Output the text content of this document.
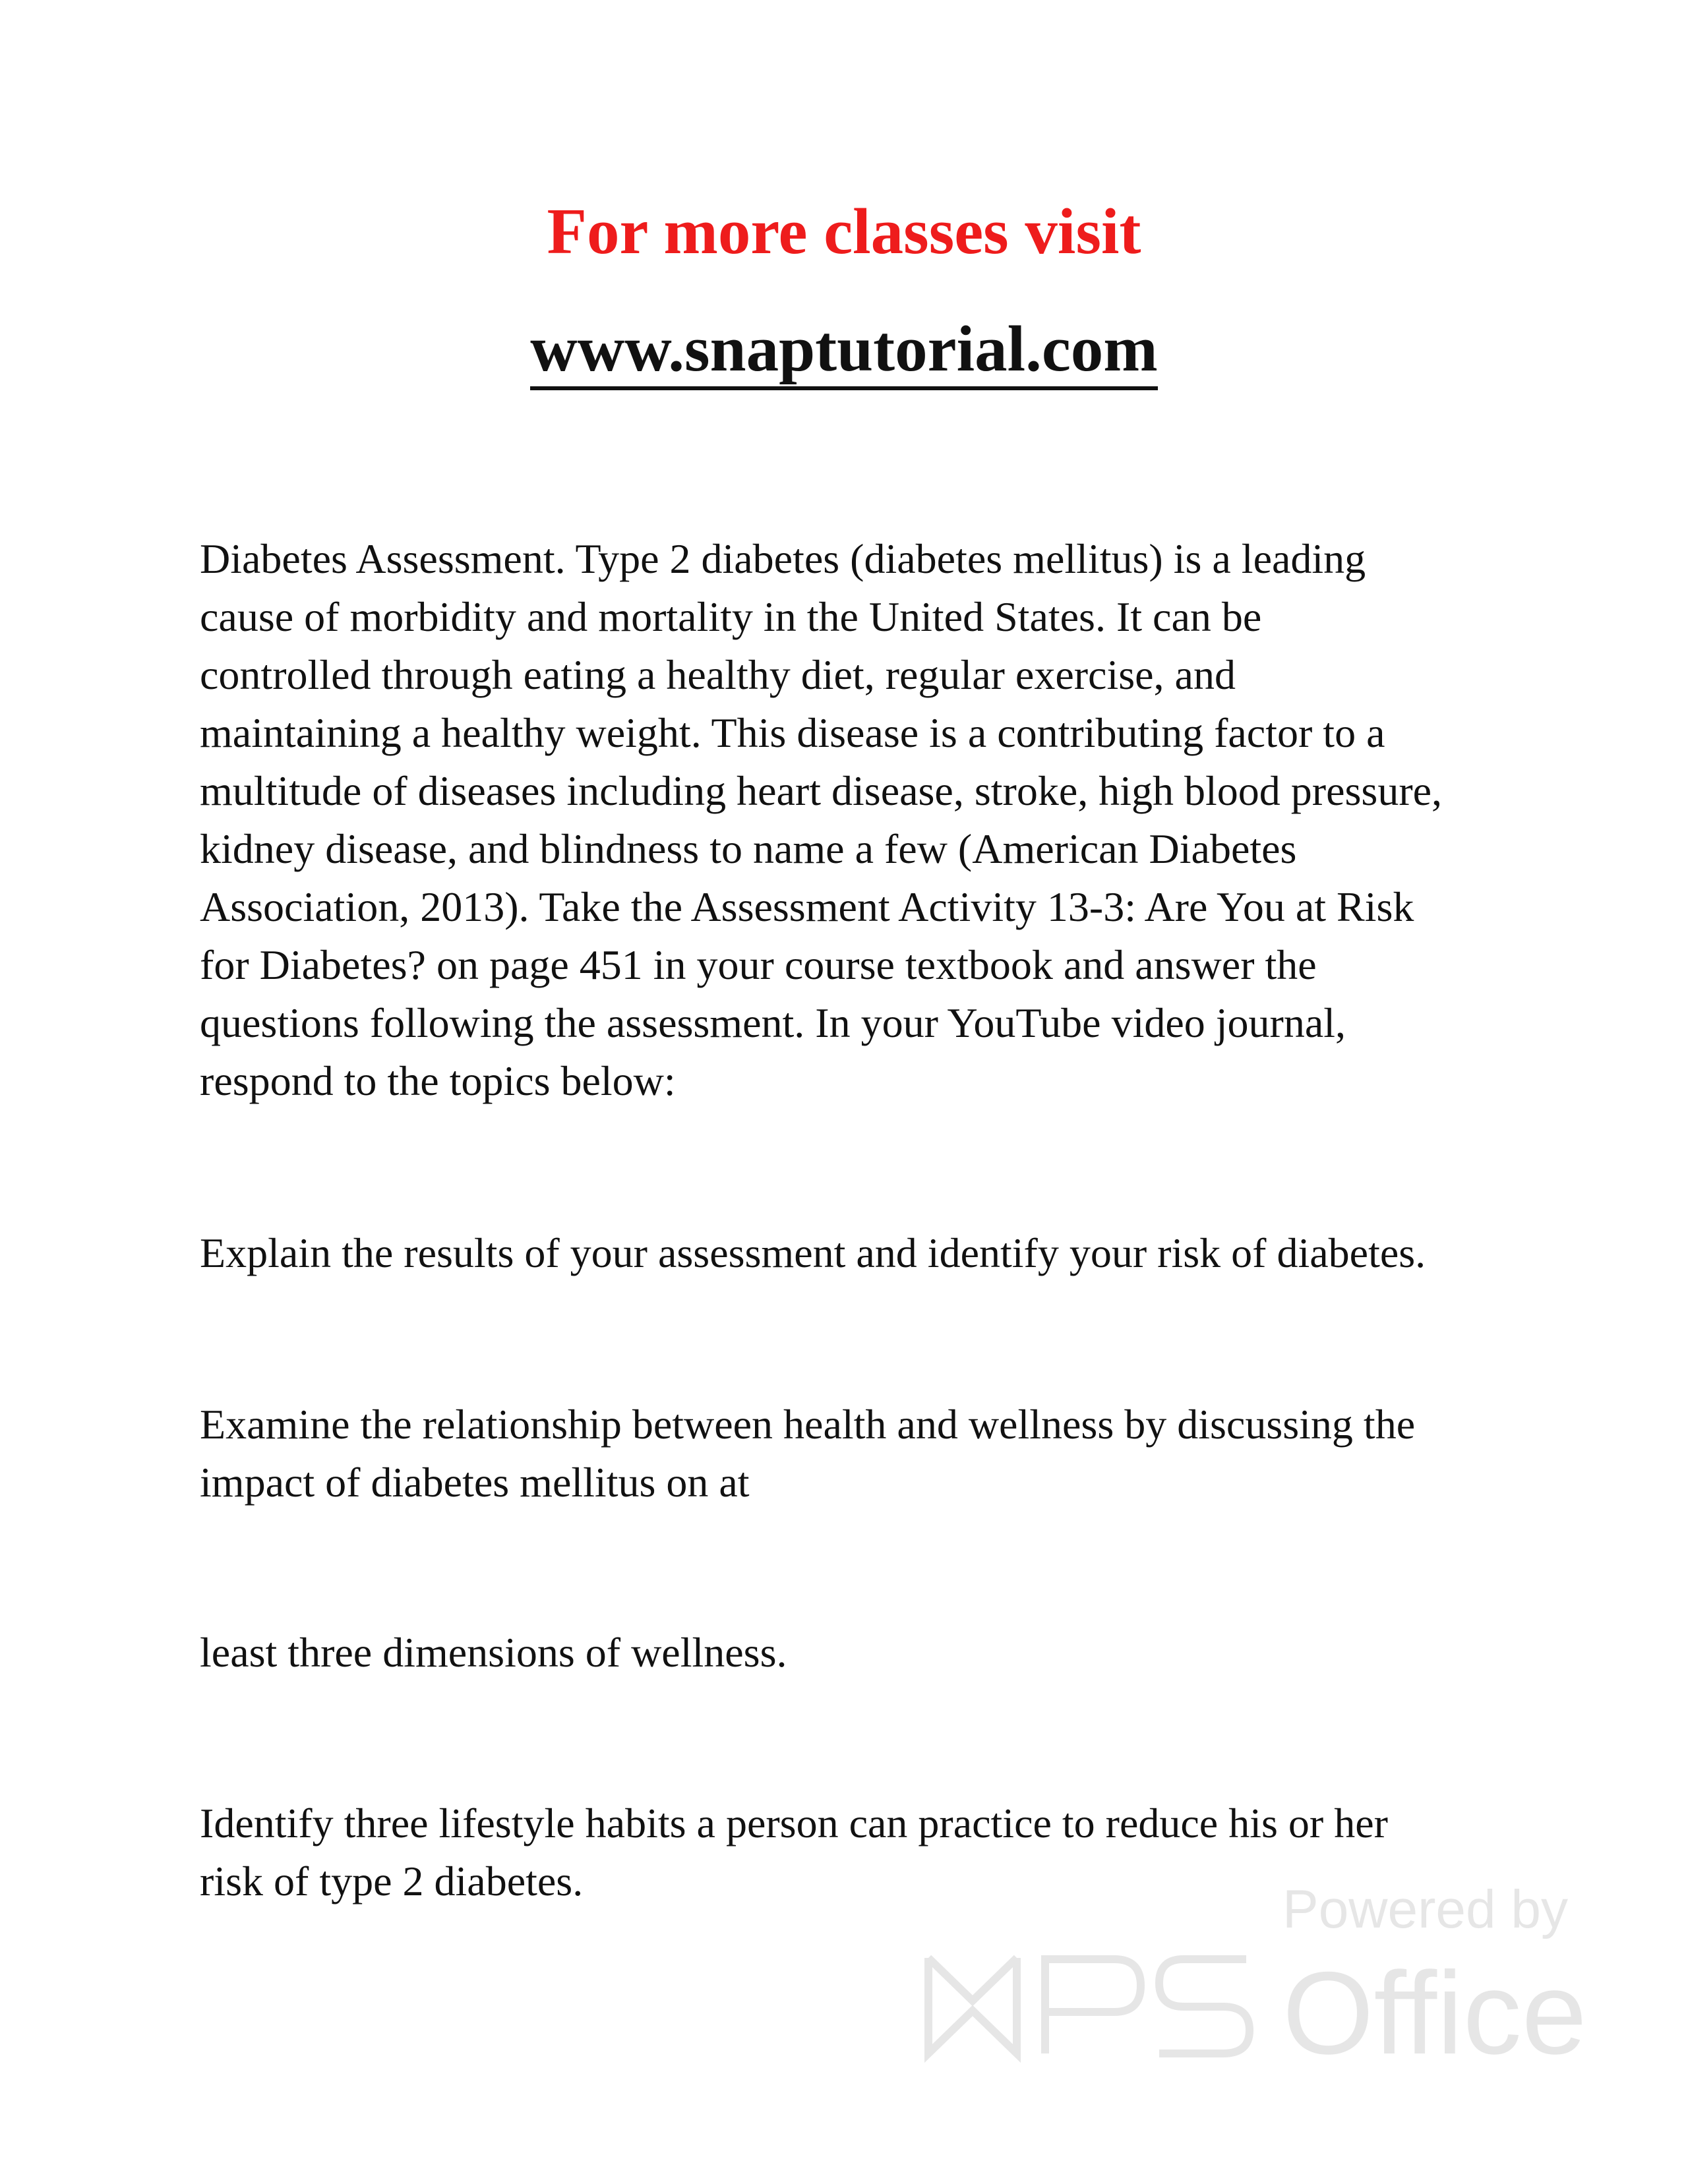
For more classes visit
www.snaptutorial.com

Diabetes Assessment. Type 2 diabetes (diabetes mellitus) is a leading
cause of morbidity and mortality in the United States. It can be
controlled through eating a healthy diet, regular exercise, and
maintaining a healthy weight. This disease is a contributing factor to a
multitude of diseases including heart disease, stroke, high blood pressure,
kidney disease, and blindness to name a few (American Diabetes
Association, 2013). Take the Assessment Activity 13-3: Are You at Risk
for Diabetes? on page 451 in your course textbook and answer the
questions following the assessment. In your YouTube video journal,
respond to the topics below:

Explain the results of your assessment and identify your risk of diabetes.

Examine the relationship between health and wellness by discussing the
impact of diabetes mellitus on at

least three dimensions of wellness.

Identify three lifestyle habits a person can practice to reduce his or her
risk of type 2 diabetes.	Powered by
Office
